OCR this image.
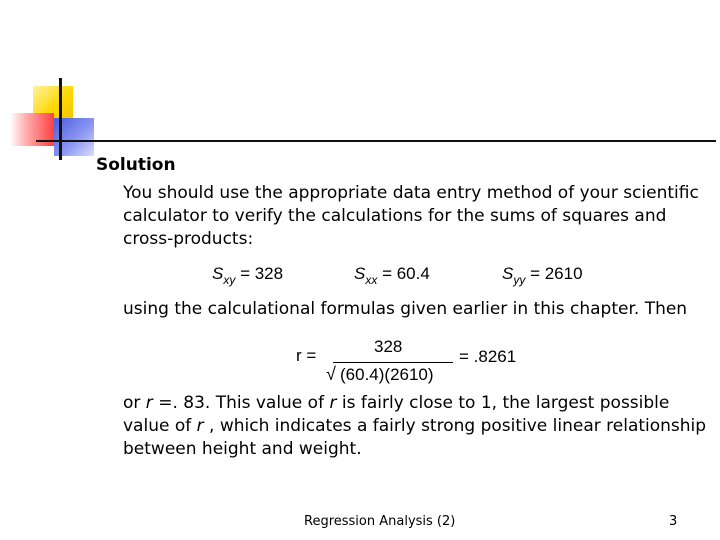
Solution
You should use the appropriate data entry method of your scientific calculator to verify the calculations for the sums of squares and cross-products:
$S_{xy} = 328$	$S_{xx} = 60.4$	$S_{yy} = 2610$
using the calculational formulas given earlier in this chapter. Then
r =	328
√ (60.4)(2610)
= .8261
or r =. 83. This value of r is fairly close to 1, the largest possible value of r , which indicates a fairly strong positive linear relationship between height and weight.
Regression Analysis (2)	3
